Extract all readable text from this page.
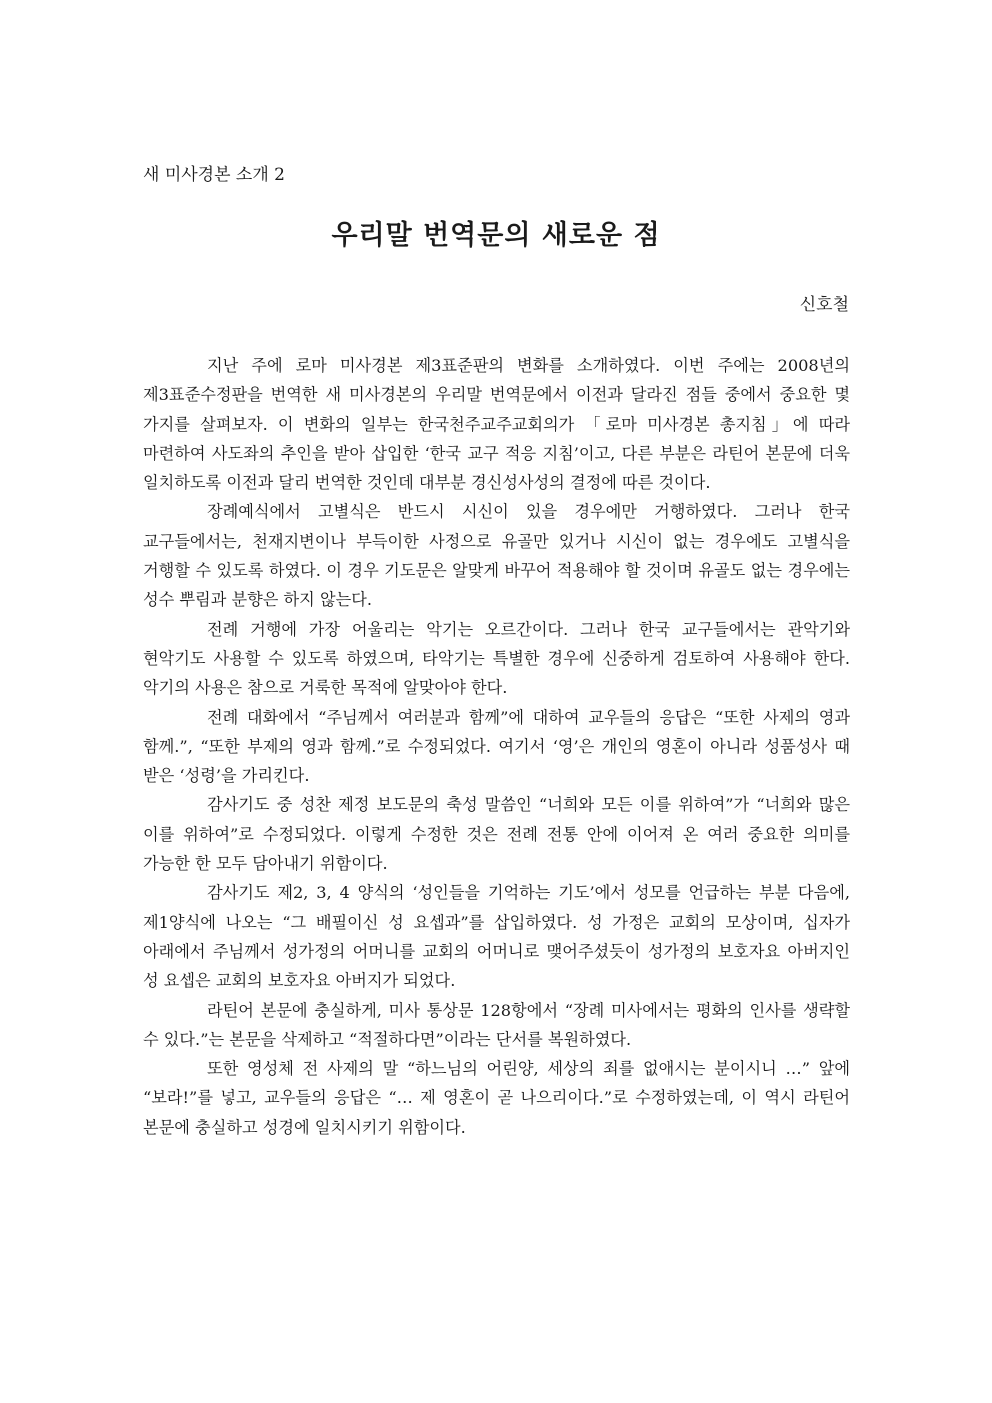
새 미사경본 소개 2
우리말 번역문의 새로운 점
신호철

지난 주에 로마 미사경본 제3표준판의 변화를 소개하였다. 이번 주에는 2008년의 제3표준수정판을 번역한 새 미사경본의 우리말 번역문에서 이전과 달라진 점들 중에서 중요한 몇 가지를 살펴보자. 이 변화의 일부는 한국천주교주교회의가 「로마 미사경본 총지침」에 따라 마련하여 사도좌의 추인을 받아 삽입한 ‘한국 교구 적응 지침’이고, 다른 부분은 라틴어 본문에 더욱 일치하도록 이전과 달리 번역한 것인데 대부분 경신성사성의 결정에 따른 것이다.

장례예식에서 고별식은 반드시 시신이 있을 경우에만 거행하였다. 그러나 한국 교구들에서는, 천재지변이나 부득이한 사정으로 유골만 있거나 시신이 없는 경우에도 고별식을 거행할 수 있도록 하였다. 이 경우 기도문은 알맞게 바꾸어 적용해야 할 것이며 유골도 없는 경우에는 성수 뿌림과 분향은 하지 않는다.

전례 거행에 가장 어울리는 악기는 오르간이다. 그러나 한국 교구들에서는 관악기와 현악기도 사용할 수 있도록 하였으며, 타악기는 특별한 경우에 신중하게 검토하여 사용해야 한다. 악기의 사용은 참으로 거룩한 목적에 알맞아야 한다.

전례 대화에서 “주님께서 여러분과 함께”에 대하여 교우들의 응답은 “또한 사제의 영과 함께.”, “또한 부제의 영과 함께.”로 수정되었다. 여기서 ‘영’은 개인의 영혼이 아니라 성품성사 때 받은 ‘성령’을 가리킨다.

감사기도 중 성찬 제정 보도문의 축성 말씀인 “너희와 모든 이를 위하여”가 “너희와 많은 이를 위하여”로 수정되었다. 이렇게 수정한 것은 전례 전통 안에 이어져 온 여러 중요한 의미를 가능한 한 모두 담아내기 위함이다.

감사기도 제2, 3, 4 양식의 ‘성인들을 기억하는 기도’에서 성모를 언급하는 부분 다음에, 제1양식에 나오는 “그 배필이신 성 요셉과”를 삽입하였다. 성 가정은 교회의 모상이며, 십자가 아래에서 주님께서 성가정의 어머니를 교회의 어머니로 맺어주셨듯이 성가정의 보호자요 아버지인 성 요셉은 교회의 보호자요 아버지가 되었다.

라틴어 본문에 충실하게, 미사 통상문 128항에서 “장례 미사에서는 평화의 인사를 생략할 수 있다.”는 본문을 삭제하고 “적절하다면”이라는 단서를 복원하였다.

또한 영성체 전 사제의 말 “하느님의 어린양, 세상의 죄를 없애시는 분이시니 …” 앞에 “보라!”를 넣고, 교우들의 응답은 “… 제 영혼이 곧 나으리이다.”로 수정하였는데, 이 역시 라틴어 본문에 충실하고 성경에 일치시키기 위함이다.
